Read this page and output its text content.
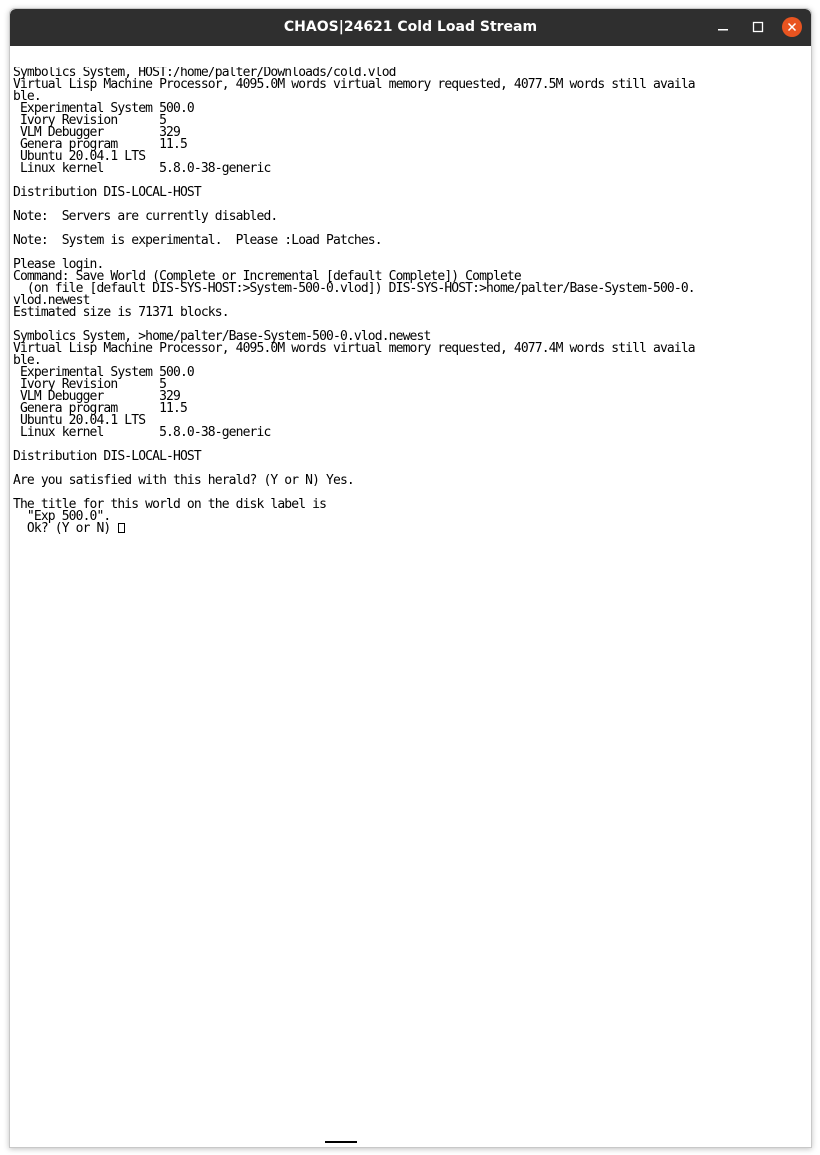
CHAOS|24621 Cold Load Stream
Symbolics System, HOST:/home/palter/Downloads/cold.vlod
Virtual Lisp Machine Processor, 4095.0M words virtual memory requested, 4077.5M words still availa
ble.
Experimental System 500.0
Ivory Revision      5
VLM Debugger        329
Genera program      11.5
Ubuntu 20.04.1 LTS
Linux kernel        5.8.0-38-generic

Distribution DIS-LOCAL-HOST

Note:  Servers are currently disabled.

Note:  System is experimental.  Please :Load Patches.

Please login.
Command: Save World (Complete or Incremental [default Complete]) Complete
(on file [default DIS-SYS-HOST:>System-500-0.vlod]) DIS-SYS-HOST:>home/palter/Base-System-500-0.
vlod.newest
Estimated size is 71371 blocks.

Symbolics System, >home/palter/Base-System-500-0.vlod.newest
Virtual Lisp Machine Processor, 4095.0M words virtual memory requested, 4077.4M words still availa
ble.
Experimental System 500.0
Ivory Revision      5
VLM Debugger        329
Genera program      11.5
Ubuntu 20.04.1 LTS
Linux kernel        5.8.0-38-generic

Distribution DIS-LOCAL-HOST

Are you satisfied with this herald? (Y or N) Yes.

The title for this world on the disk label is
"Exp 500.0".
Ok? (Y or N)
